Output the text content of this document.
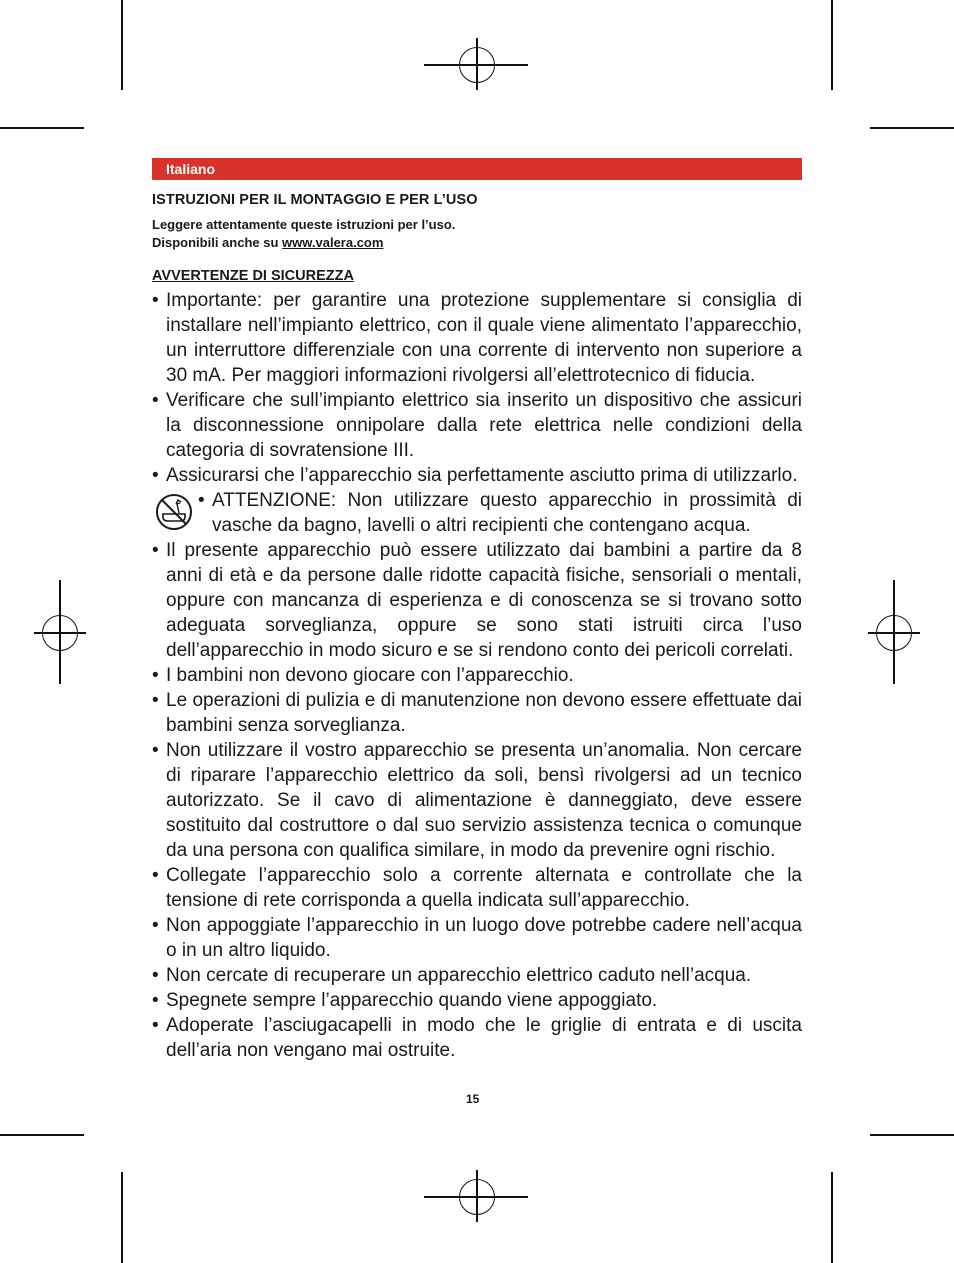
Italiano
ISTRUZIONI PER IL MONTAGGIO E PER L’USO
Leggere attentamente queste istruzioni per l’uso.
Disponibili anche su www.valera.com
AVVERTENZE DI SICUREZZA
• Importante: per garantire una protezione supplementare si consiglia di installare nell’impianto elettrico, con il quale viene alimentato l’apparecchio, un interruttore differenziale con una corrente di intervento non superiore a 30 mA. Per maggiori informazioni rivolgersi all’elettrotecnico di fiducia.
• Verificare che sull’impianto elettrico sia inserito un dispositivo che assicuri la disconnessione onnipolare dalla rete elettrica nelle condizioni della categoria di sovratensione III.
• Assicurarsi che l’apparecchio sia perfettamente asciutto prima di utilizzarlo.
• ATTENZIONE: Non utilizzare questo apparecchio in prossimità di vasche da bagno, lavelli o altri recipienti che contengano acqua.
• Il presente apparecchio può essere utilizzato dai bambini a partire da 8 anni di età e da persone dalle ridotte capacità fisiche, sensoriali o mentali, oppure con mancanza di esperienza e di conoscenza se si trovano sotto adeguata sorveglianza, oppure se sono stati istruiti circa l’uso dell’apparecchio in modo sicuro e se si rendono conto dei pericoli correlati.
• I bambini non devono giocare con l’apparecchio.
• Le operazioni di pulizia e di manutenzione non devono essere effettuate dai bambini senza sorveglianza.
• Non utilizzare il vostro apparecchio se presenta un’anomalia. Non cercare di riparare l’apparecchio elettrico da soli, bensì rivolgersi ad un tecnico autorizzato. Se il cavo di alimentazione è danneggiato, deve essere sostituito dal costruttore o dal suo servizio assistenza tecnica o comunque da una persona con qualifica similare, in modo da prevenire ogni rischio.
• Collegate l’apparecchio solo a corrente alternata e controllate che la tensione di rete corrisponda a quella indicata sull’apparecchio.
• Non appoggiate l’apparecchio in un luogo dove potrebbe cadere nell’acqua o in un altro liquido.
• Non cercate di recuperare un apparecchio elettrico caduto nell’acqua.
• Spegnete sempre l’apparecchio quando viene appoggiato.
• Adoperate l’asciugacapelli in modo che le griglie di entrata e di uscita dell’aria non vengano mai ostruite.
15
